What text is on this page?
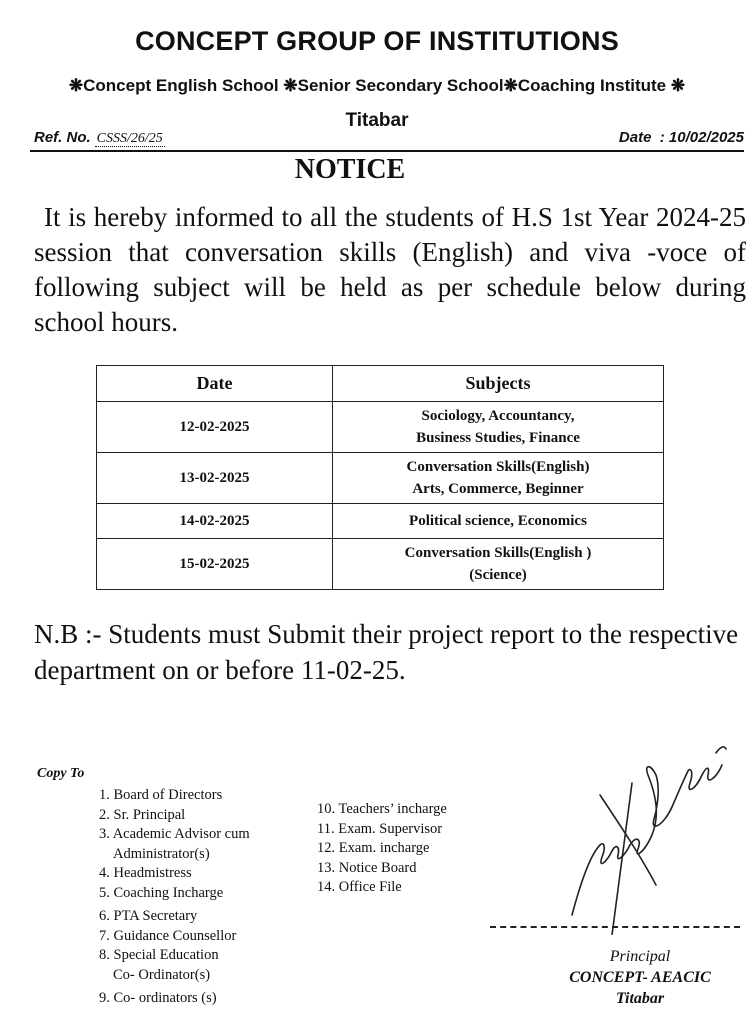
CONCEPT GROUP OF INSTITUTIONS
❋Concept English School ❋Senior Secondary School❋Coaching Institute ❋
Titabar
Ref. No. CSSS/26/25	Date  : 10/02/2025
NOTICE

It is hereby informed to all the students of H.S 1st Year 2024-25 session that conversation skills (English) and viva -voce of following subject will be held as per schedule below during school hours.

Date	Subjects
12-02-2025	Sociology, Accountancy,
Business Studies, Finance

13-02-2025	Conversation Skills(English)
Arts, Commerce, Beginner

14-02-2025	Political science, Economics

15-02-2025	Conversation Skills(English )
(Science)
N.B :- Students must Submit their project report to the respective department on or before 11-02-25.
Copy To
1. Board of Directors
2. Sr. Principal
3. Academic Advisor cum
Administrator(s)
4. Headmistress
5. Coaching Incharge
6. PTA Secretary
7. Guidance Counsellor
8. Special Education
Co- Ordinator(s)
9. Co- ordinators (s)
10. Teachers’ incharge
11. Exam. Supervisor
12. Exam. incharge
13. Notice Board
14. Office File
Principal
CONCEPT- AEACIC
Titabar
